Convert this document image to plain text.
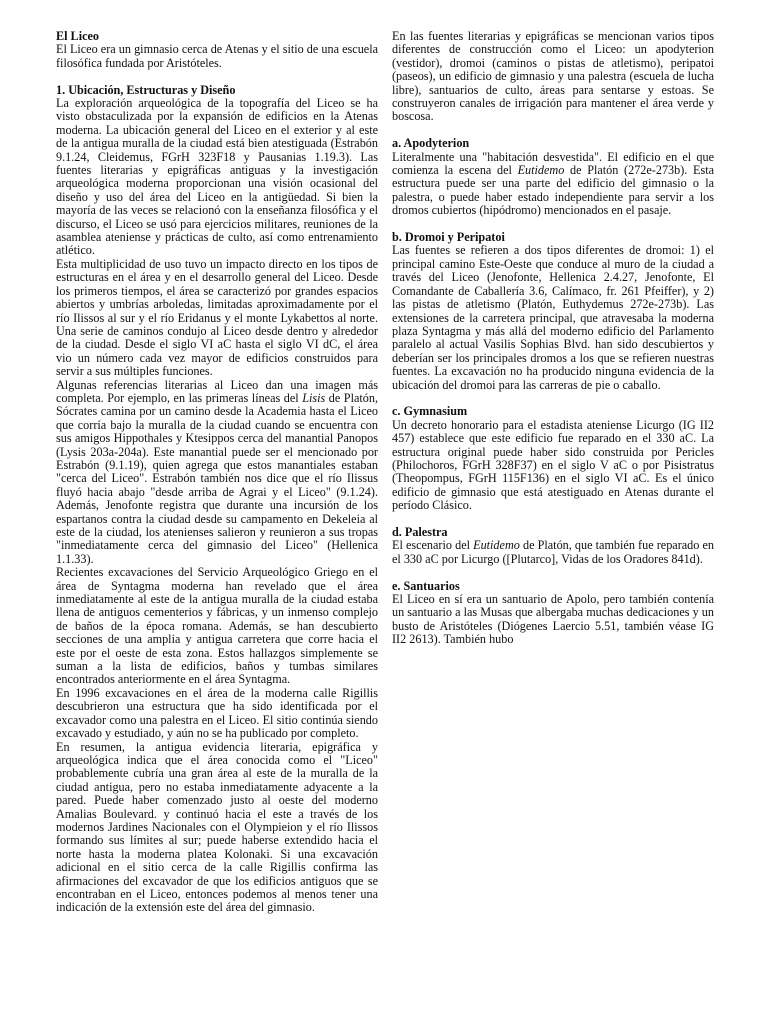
El Liceo

El Liceo era un gimnasio cerca de Atenas y el sitio de una escuela filosófica fundada por Aristóteles.

1. Ubicación, Estructuras y Diseño

La exploración arqueológica de la topografía del Liceo se ha visto obstaculizada por la expansión de edificios en la Atenas moderna. La ubicación general del Liceo en el exterior y al este de la antigua muralla de la ciudad está bien atestiguada (Estrabón 9.1.24, Cleidemus, FGrH 323F18 y Pausanias 1.19.3). Las fuentes literarias y epigráficas antiguas y la investigación arqueológica moderna proporcionan una visión ocasional del diseño y uso del área del Liceo en la antigüedad. Si bien la mayoría de las veces se relacionó con la enseñanza filosófica y el discurso, el Liceo se usó para ejercicios militares, reuniones de la asamblea ateniense y prácticas de culto, así como entrenamiento atlético.

Esta multiplicidad de uso tuvo un impacto directo en los tipos de estructuras en el área y en el desarrollo general del Liceo. Desde los primeros tiempos, el área se caracterizó por grandes espacios abiertos y umbrías arboledas, limitadas aproximadamente por el río Ilissos al sur y el río Eridanus y el monte Lykabettos al norte. Una serie de caminos condujo al Liceo desde dentro y alrededor de la ciudad. Desde el siglo VI aC hasta el siglo VI dC, el área vio un número cada vez mayor de edificios construidos para servir a sus múltiples funciones.

Algunas referencias literarias al Liceo dan una imagen más completa. Por ejemplo, en las primeras líneas del Lisis de Platón, Sócrates camina por un camino desde la Academia hasta el Liceo que corría bajo la muralla de la ciudad cuando se encuentra con sus amigos Hippothales y Ktesippos cerca del manantial Panopos (Lysis 203a-204a). Este manantial puede ser el mencionado por Estrabón (9.1.19), quien agrega que estos manantiales estaban "cerca del Liceo". Estrabón también nos dice que el río Ilissus fluyó hacia abajo "desde arriba de Agrai y el Liceo" (9.1.24). Además, Jenofonte registra que durante una incursión de los espartanos contra la ciudad desde su campamento en Dekeleia al este de la ciudad, los atenienses salieron y reunieron a sus tropas "inmediatamente cerca del gimnasio del Liceo" (Hellenica 1.1.33).

Recientes excavaciones del Servicio Arqueológico Griego en el área de Syntagma moderna han revelado que el área inmediatamente al este de la antigua muralla de la ciudad estaba llena de antiguos cementerios y fábricas, y un inmenso complejo de baños de la época romana. Además, se han descubierto secciones de una amplia y antigua carretera que corre hacia el este por el oeste de esta zona. Estos hallazgos simplemente se suman a la lista de edificios, baños y tumbas similares encontrados anteriormente en el área Syntagma.

En 1996 excavaciones en el área de la moderna calle Rigillis descubrieron una estructura que ha sido identificada por el excavador como una palestra en el Liceo. El sitio continúa siendo excavado y estudiado, y aún no se ha publicado por completo.

En resumen, la antigua evidencia literaria, epigráfica y arqueológica indica que el área conocida como el "Liceo" probablemente cubría una gran área al este de la muralla de la ciudad antigua, pero no estaba inmediatamente adyacente a la pared. Puede haber comenzado justo al oeste del moderno Amalias Boulevard. y continuó hacia el este a través de los modernos Jardines Nacionales con el Olympieion y el río Ilissos formando sus límites al sur; puede haberse extendido hacia el norte hasta la moderna platea Kolonaki. Si una excavación adicional en el sitio cerca de la calle Rigillis confirma las afirmaciones del excavador de que los edificios antiguos que se encontraban en el Liceo, entonces podemos al menos tener una indicación de la extensión este del área del gimnasio.

En las fuentes literarias y epigráficas se mencionan varios tipos diferentes de construcción como el Liceo: un apodyterion (vestidor), dromoi (caminos o pistas de atletismo), peripatoi (paseos), un edificio de gimnasio y una palestra (escuela de lucha libre), santuarios de culto, áreas para sentarse y estoas. Se construyeron canales de irrigación para mantener el área verde y boscosa.

a. Apodyterion

Literalmente una "habitación desvestida". El edificio en el que comienza la escena del Eutidemo de Platón (272e-273b). Esta estructura puede ser una parte del edificio del gimnasio o la palestra, o puede haber estado independiente para servir a los dromos cubiertos (hipódromo) mencionados en el pasaje.

b. Dromoi y Peripatoi

Las fuentes se refieren a dos tipos diferentes de dromoi: 1) el principal camino Este-Oeste que conduce al muro de la ciudad a través del Liceo (Jenofonte, Hellenica 2.4.27, Jenofonte, El Comandante de Caballería 3.6, Calímaco, fr. 261 Pfeiffer), y 2) las pistas de atletismo (Platón, Euthydemus 272e-273b). Las extensiones de la carretera principal, que atravesaba la moderna plaza Syntagma y más allá del moderno edificio del Parlamento paralelo al actual Vasilis Sophias Blvd. han sido descubiertos y deberían ser los principales dromos a los que se refieren nuestras fuentes. La excavación no ha producido ninguna evidencia de la ubicación del dromoi para las carreras de pie o caballo.

c. Gymnasium

Un decreto honorario para el estadista ateniense Licurgo (IG II2 457) establece que este edificio fue reparado en el 330 aC. La estructura original puede haber sido construida por Pericles (Philochoros, FGrH 328F37) en el siglo V aC o por Pisistratus (Theopompus, FGrH 115F136) en el siglo VI aC. Es el único edificio de gimnasio que está atestiguado en Atenas durante el período Clásico.

d. Palestra

El escenario del Eutidemo de Platón, que también fue reparado en el 330 aC por Licurgo ([Plutarco], Vidas de los Oradores 841d).

e. Santuarios

El Liceo en sí era un santuario de Apolo, pero también contenía un santuario a las Musas que albergaba muchas dedicaciones y un busto de Aristóteles (Diógenes Laercio 5.51, también véase IG II2 2613). También hubo
